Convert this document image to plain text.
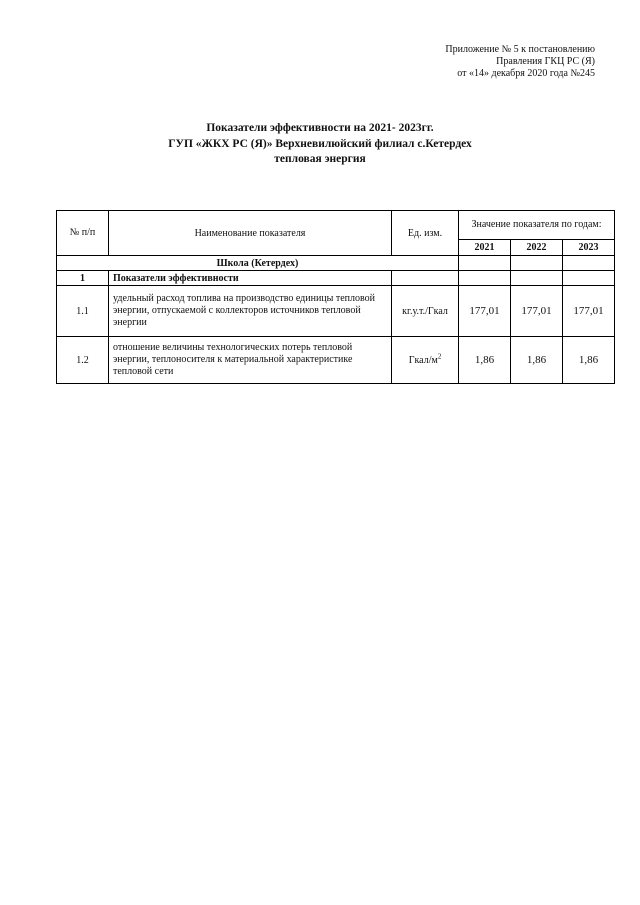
Приложение № 5 к постановлению
Правления ГКЦ РС (Я)
от «14» декабря 2020 года №245
Показатели эффективности на 2021- 2023гг.
ГУП «ЖКХ РС (Я)» Верхневилюйский филиал с.Кетердех
тепловая энергия
№ п/п	Наименование показателя	Ед. изм.	Значение показателя по годам:		
			2021	2022	2023
Школа (Кетердех)					
1	Показатели эффективности				
1.1	удельный расход топлива на производство единицы тепловой энергии, отпускаемой с коллекторов источников тепловой энергии	кг.у.т./Гкал	177,01	177,01	177,01
1.2	отношение величины технологических потерь тепловой энергии, теплоносителя к материальной характеристике тепловой сети	Гкал/$м^2$	1,86	1,86	1,86
